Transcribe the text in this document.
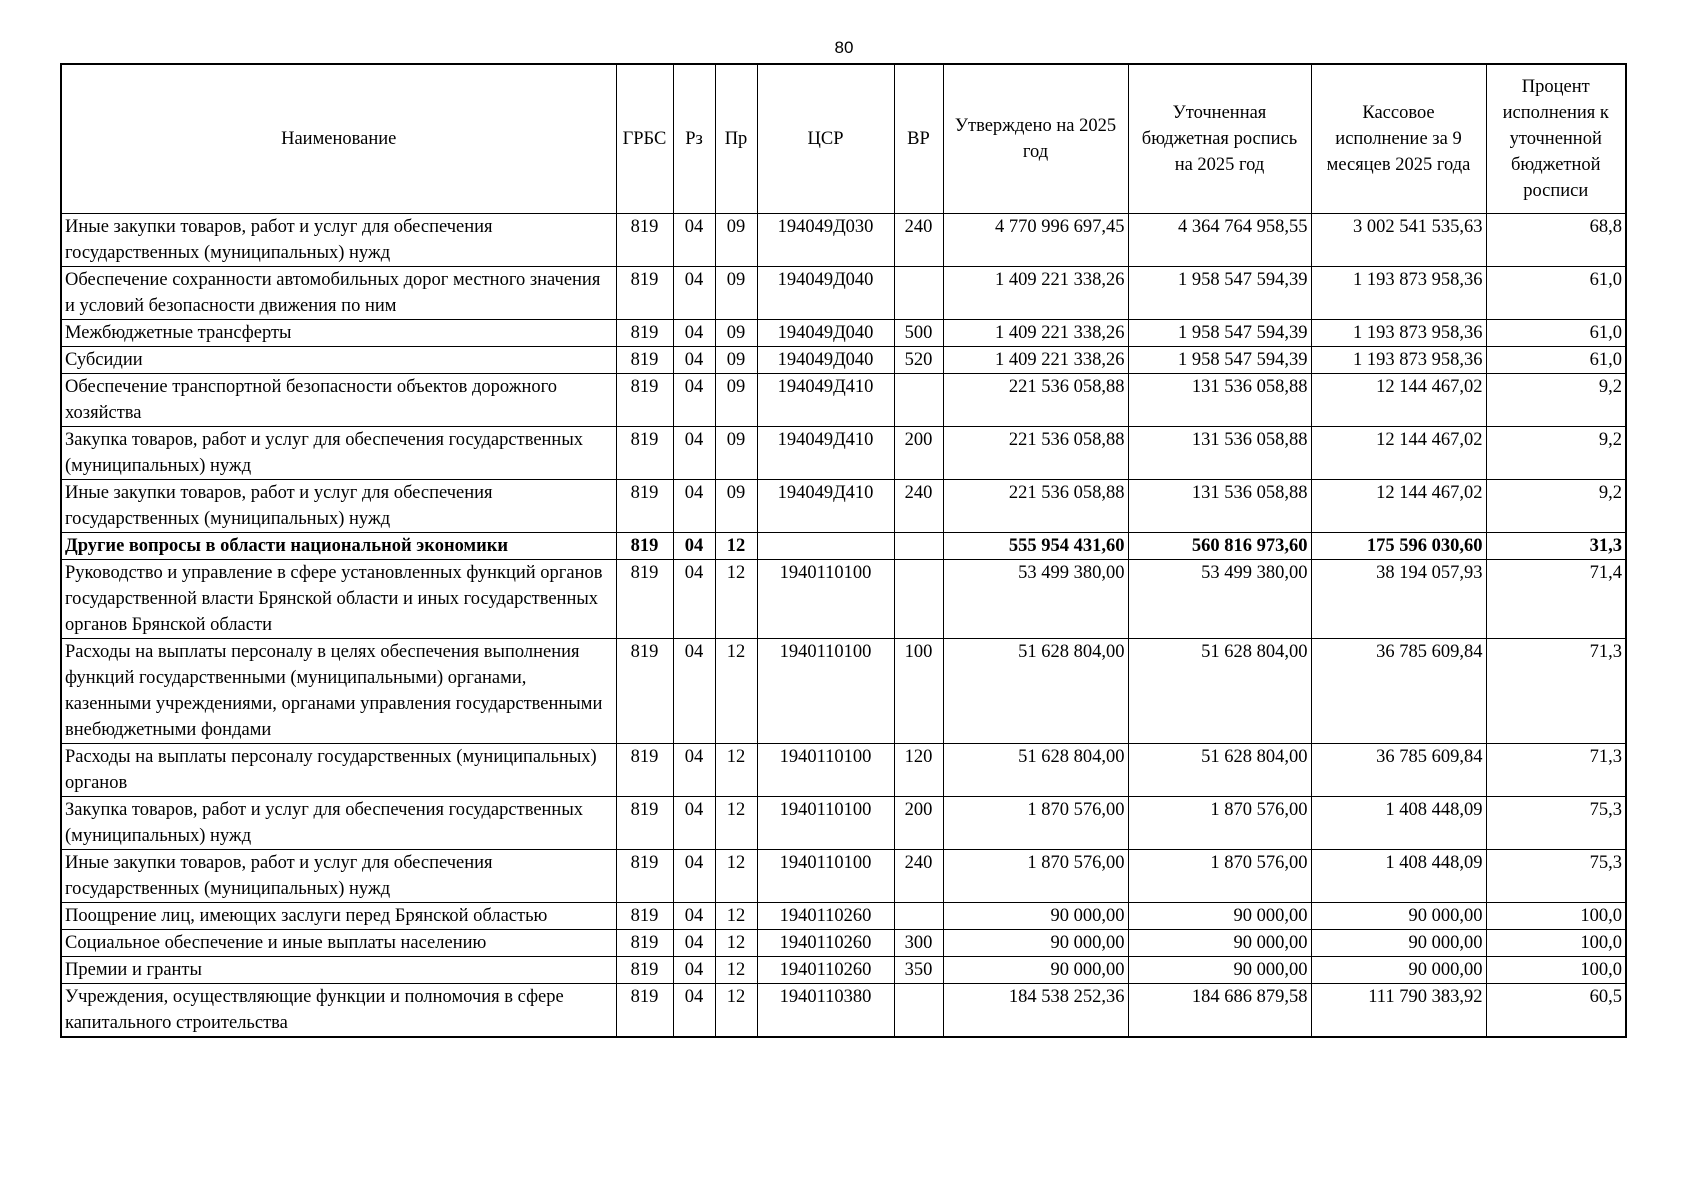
80
Наименование	ГРБС	Рз	Пр	ЦСР	ВР	Утверждено на 2025 год	Уточненная бюджетная роспись на 2025 год	Кассовое исполнение за 9 месяцев 2025 года	Процент исполнения к уточненной бюджетной росписи
Иные закупки товаров, работ и услуг для обеспечения государственных (муниципальных) нужд	819	04	09	194049Д030	240	4 770 996 697,45	4 364 764 958,55	3 002 541 535,63	68,8
Обеспечение сохранности автомобильных дорог местного значения и условий безопасности движения по ним	819	04	09	194049Д040		1 409 221 338,26	1 958 547 594,39	1 193 873 958,36	61,0
Межбюджетные трансферты	819	04	09	194049Д040	500	1 409 221 338,26	1 958 547 594,39	1 193 873 958,36	61,0
Субсидии	819	04	09	194049Д040	520	1 409 221 338,26	1 958 547 594,39	1 193 873 958,36	61,0
Обеспечение транспортной безопасности объектов дорожного хозяйства	819	04	09	194049Д410		221 536 058,88	131 536 058,88	12 144 467,02	9,2
Закупка товаров, работ и услуг для обеспечения государственных (муниципальных) нужд	819	04	09	194049Д410	200	221 536 058,88	131 536 058,88	12 144 467,02	9,2
Иные закупки товаров, работ и услуг для обеспечения государственных (муниципальных) нужд	819	04	09	194049Д410	240	221 536 058,88	131 536 058,88	12 144 467,02	9,2
Другие вопросы в области национальной экономики	819	04	12			555 954 431,60	560 816 973,60	175 596 030,60	31,3
Руководство и управление в сфере установленных функций органов государственной власти Брянской области и иных государственных органов Брянской области	819	04	12	1940110100		53 499 380,00	53 499 380,00	38 194 057,93	71,4
Расходы на выплаты персоналу в целях обеспечения выполнения функций государственными (муниципальными) органами, казенными учреждениями, органами управления государственными внебюджетными фондами	819	04	12	1940110100	100	51 628 804,00	51 628 804,00	36 785 609,84	71,3
Расходы на выплаты персоналу государственных (муниципальных) органов	819	04	12	1940110100	120	51 628 804,00	51 628 804,00	36 785 609,84	71,3
Закупка товаров, работ и услуг для обеспечения государственных (муниципальных) нужд	819	04	12	1940110100	200	1 870 576,00	1 870 576,00	1 408 448,09	75,3
Иные закупки товаров, работ и услуг для обеспечения государственных (муниципальных) нужд	819	04	12	1940110100	240	1 870 576,00	1 870 576,00	1 408 448,09	75,3
Поощрение лиц, имеющих заслуги перед Брянской областью	819	04	12	1940110260		90 000,00	90 000,00	90 000,00	100,0
Социальное обеспечение и иные выплаты населению	819	04	12	1940110260	300	90 000,00	90 000,00	90 000,00	100,0
Премии и гранты	819	04	12	1940110260	350	90 000,00	90 000,00	90 000,00	100,0
Учреждения, осуществляющие функции и полномочия в сфере капитального строительства	819	04	12	1940110380		184 538 252,36	184 686 879,58	111 790 383,92	60,5
